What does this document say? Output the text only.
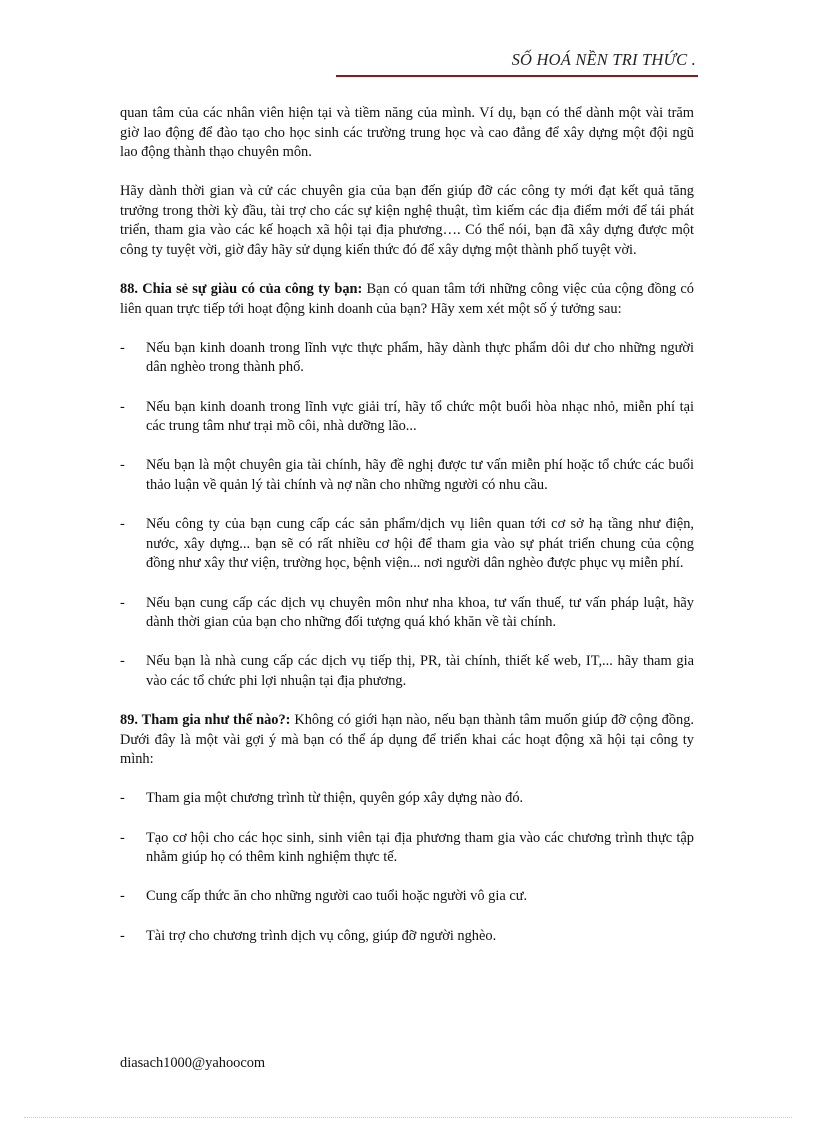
SỐ HOÁ NỀN TRI THỨC .

quan tâm của các nhân viên hiện tại và tiềm năng của mình. Ví dụ, bạn có thể dành một vài trăm giờ lao động để đào tạo cho học sinh các trường trung học và cao đẳng để xây dựng một đội ngũ lao động thành thạo chuyên môn.

Hãy dành thời gian và cử các chuyên gia của bạn đến giúp đỡ các công ty mới đạt kết quả tăng trưởng trong thời kỳ đầu, tài trợ cho các sự kiện nghệ thuật, tìm kiếm các địa điểm mới để tái phát triển, tham gia vào các kế hoạch xã hội tại địa phương…. Có thể nói, bạn đã xây dựng được một công ty tuyệt vời, giờ đây hãy sử dụng kiến thức đó để xây dựng một thành phố tuyệt vời.

88. Chia sẻ sự giàu có của công ty bạn: Bạn có quan tâm tới những công việc của cộng đồng có liên quan trực tiếp tới hoạt động kinh doanh của bạn? Hãy xem xét một số ý tưởng sau:

- Nếu bạn kinh doanh trong lĩnh vực thực phẩm, hãy dành thực phẩm dôi dư cho những người dân nghèo trong thành phố.
- Nếu bạn kinh doanh trong lĩnh vực giải trí, hãy tổ chức một buổi hòa nhạc nhỏ, miễn phí tại các trung tâm như trại mồ côi, nhà dưỡng lão...
- Nếu bạn là một chuyên gia tài chính, hãy đề nghị được tư vấn miễn phí hoặc tổ chức các buổi thảo luận về quản lý tài chính và nợ nần cho những người có nhu cầu.
- Nếu công ty của bạn cung cấp các sản phẩm/dịch vụ liên quan tới cơ sở hạ tầng như điện, nước, xây dựng... bạn sẽ có rất nhiều cơ hội để tham gia vào sự phát triển chung của cộng đồng như xây thư viện, trường học, bệnh viện... nơi người dân nghèo được phục vụ miễn phí.
- Nếu bạn cung cấp các dịch vụ chuyên môn như nha khoa, tư vấn thuế, tư vấn pháp luật, hãy dành thời gian của bạn cho những đối tượng quá khó khăn về tài chính.
- Nếu bạn là nhà cung cấp các dịch vụ tiếp thị, PR, tài chính, thiết kế web, IT,... hãy tham gia vào các tổ chức phi lợi nhuận tại địa phương.

89. Tham gia như thế nào?: Không có giới hạn nào, nếu bạn thành tâm muốn giúp đỡ cộng đồng. Dưới đây là một vài gợi ý mà bạn có thể áp dụng để triển khai các hoạt động xã hội tại công ty mình:

- Tham gia một chương trình từ thiện, quyên góp xây dựng nào đó.
- Tạo cơ hội cho các học sinh, sinh viên tại địa phương tham gia vào các chương trình thực tập nhằm giúp họ có thêm kinh nghiệm thực tế.
- Cung cấp thức ăn cho những người cao tuổi hoặc người vô gia cư.
- Tài trợ cho chương trình dịch vụ công, giúp đỡ người nghèo.
diasach1000@yahoocom
